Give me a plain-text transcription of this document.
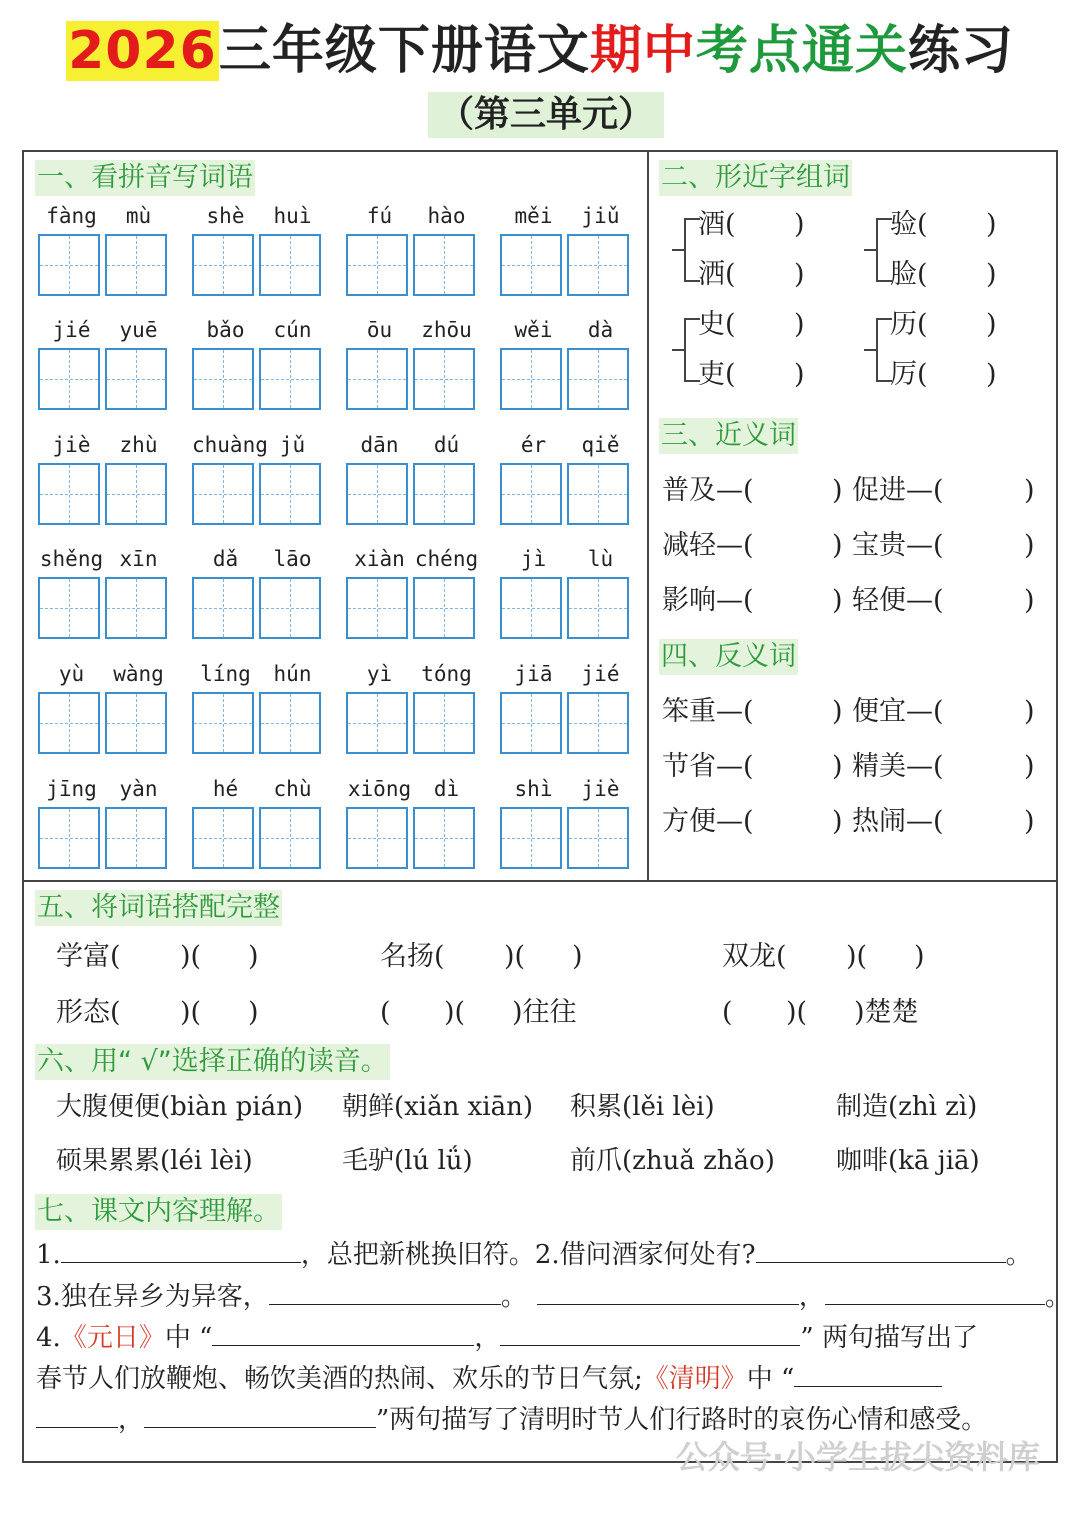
2026三年级下册语文期中考点通关练习
（第三单元）
一、看拼音写词语	二、形近字组词
三、近义词
四、反义词
五、将词语搭配完整
六、用“ √”选择正确的读音。
七、课文内容理解。
1.	，总把新桃换旧符。2.借问酒家何处有?	。
3.独在异乡为异客，	。	，	。
4.《元日》中 “	，	” 两句描写出了
春节人们放鞭炮、畅饮美酒的热闹、欢乐的节日气氛;《清明》中 “
，	”两句描写了清明时节人们行路时的哀伤心情和感受。
公众号·小学生拔尖资料库
fàng	mù	shè	huì	fú	hào	měi	jiǔ
jié	yuē	bǎo	cún	ōu	zhōu	wěi	dà
jiè	zhù	chuàng jǔ	dān	dú	ér	qiě
shěng xīn	dǎ	lāo	xiàn chéng	jì	lù
yù	wàng	líng	hún	yì	tóng	jiā	jié
jīng	yàn	hé	chù	xiōng	dì	shì	jiè
酒( )
洒( )
验( )
脸( )
史( )
吏( )
历( )
厉( )
普及—(	) 促进—(	)
减轻—(	) 宝贵—(	)
影响—(	) 轻便—(	)
笨重—(	) 便宜—(	)
节省—(	) 精美—(	)
方便—(	) 热闹—(	)
学富( )( )	名扬( )( )	双龙( )( )
形态( )( )	( )( )往往	( )( )楚楚
大腹便便(biàn pián) 朝鲜(xiǎn xiān) 积累(lěi lèi)	制造(zhì zì)
硕果累累(léi lèi)	毛驴(lú lǘ)	前爪(zhuǎ zhǎo) 咖啡(kā jiā)
